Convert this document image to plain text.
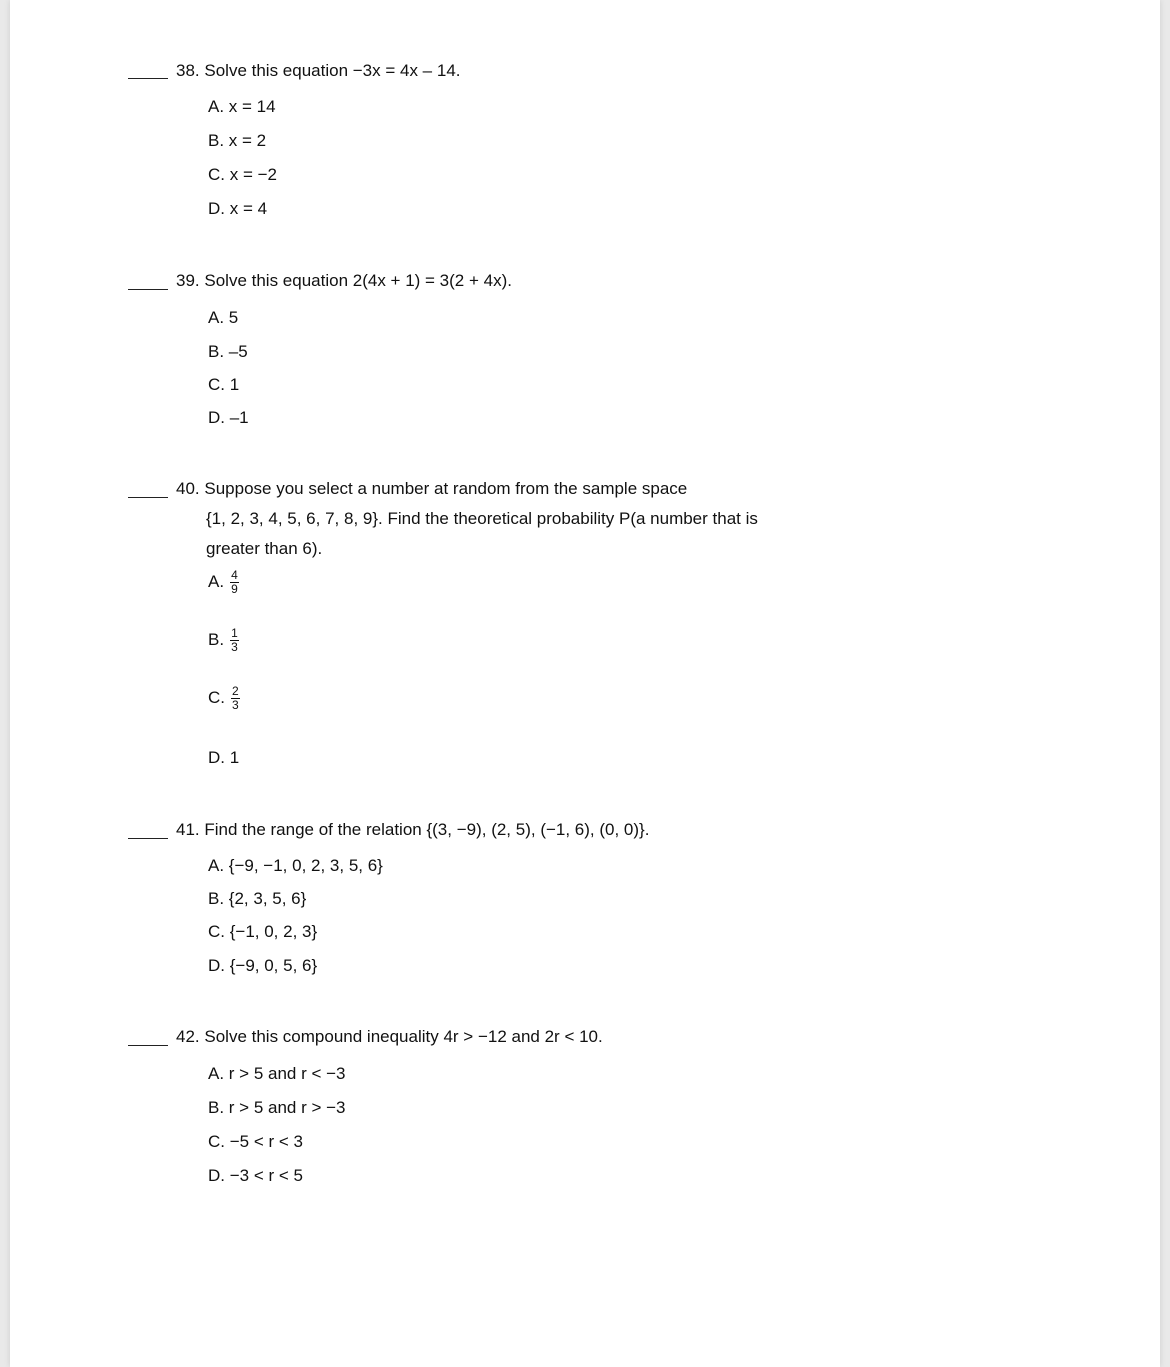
38. Solve this equation −3x = 4x – 14.
A. x = 14
B. x = 2
C. x = −2
D. x = 4
39. Solve this equation 2(4x + 1) = 3(2 + 4x).
A. 5
B. –5
C. 1
D. –1
40. Suppose you select a number at random from the sample space
{1, 2, 3, 4, 5, 6, 7, 8, 9}. Find the theoretical probability P(a number that is
greater than 6).
A. $\frac{4}{9}$
B. $\frac{1}{3}$
C. $\frac{2}{3}$
D. 1
41. Find the range of the relation {(3, −9), (2, 5), (−1, 6), (0, 0)}.
A. {−9, −1, 0, 2, 3, 5, 6}
B. {2, 3, 5, 6}
C. {−1, 0, 2, 3}
D. {−9, 0, 5, 6}
42. Solve this compound inequality 4r > −12 and 2r < 10.
A. r > 5 and r < −3
B. r > 5 and r > −3
C. −5 < r < 3
D. −3 < r < 5
